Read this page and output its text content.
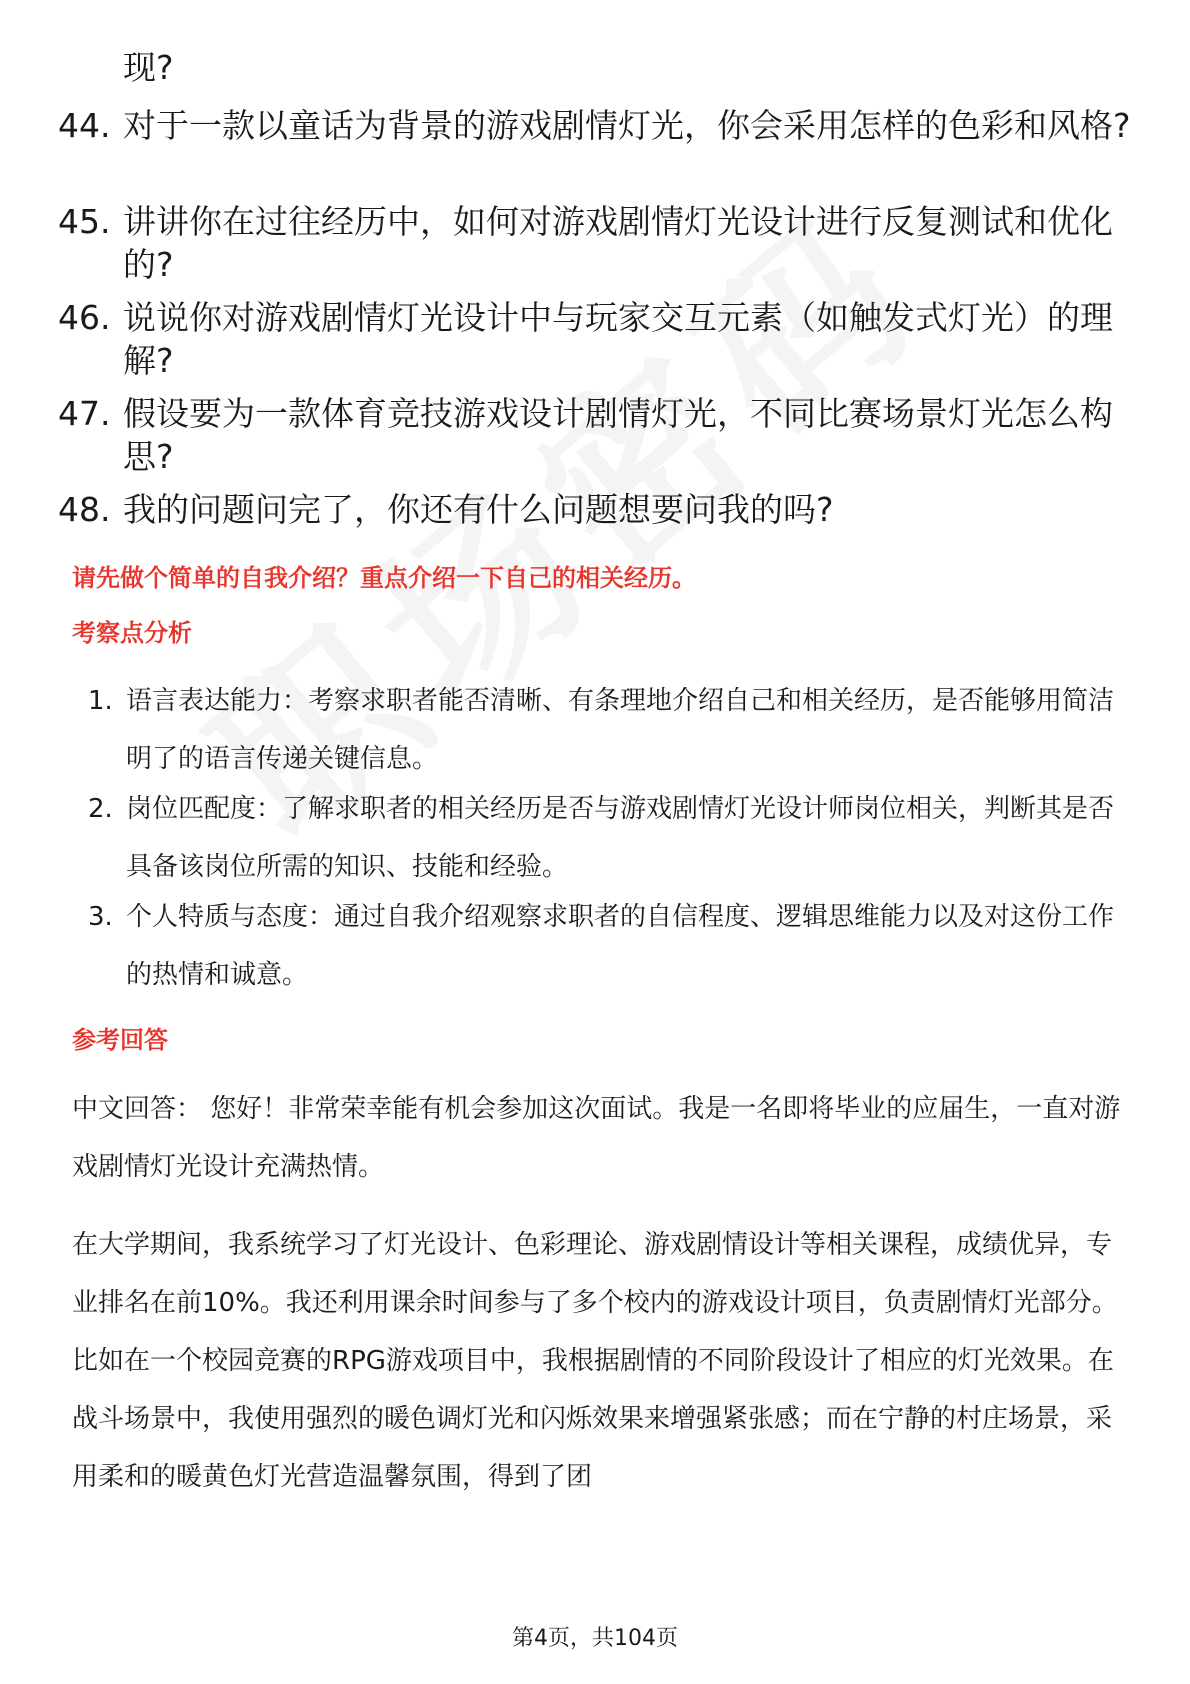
现?
44. 对于一款以童话为背景的游戏剧情灯光，你会采用怎样的色彩和风格?
45. 讲讲你在过往经历中，如何对游戏剧情灯光设计进行反复测试和优化的?
46. 说说你对游戏剧情灯光设计中与玩家交互元素（如触发式灯光）的理解?
47. 假设要为一款体育竞技游戏设计剧情灯光，不同比赛场景灯光怎么构思?
48. 我的问题问完了，你还有什么问题想要问我的吗?
请先做个简单的自我介绍？重点介绍一下自己的相关经历。
考察点分析
1. 语言表达能力：考察求职者能否清晰、有条理地介绍自己和相关经历，是否能够用简洁明了的语言传递关键信息。
2. 岗位匹配度：了解求职者的相关经历是否与游戏剧情灯光设计师岗位相关，判断其是否具备该岗位所需的知识、技能和经验。
3. 个人特质与态度：通过自我介绍观察求职者的自信程度、逻辑思维能力以及对这份工作的热情和诚意。
参考回答
中文回答： 您好！非常荣幸能有机会参加这次面试。我是一名即将毕业的应届生，一直对游戏剧情灯光设计充满热情。
在大学期间，我系统学习了灯光设计、色彩理论、游戏剧情设计等相关课程，成绩优异，专业排名在前10%。我还利用课余时间参与了多个校内的游戏设计项目，负责剧情灯光部分。比如在一个校园竞赛的RPG游戏项目中，我根据剧情的不同阶段设计了相应的灯光效果。在战斗场景中，我使用强烈的暖色调灯光和闪烁效果来增强紧张感；而在宁静的村庄场景，采用柔和的暖黄色灯光营造温馨氛围，得到了团
第4页，共104页
